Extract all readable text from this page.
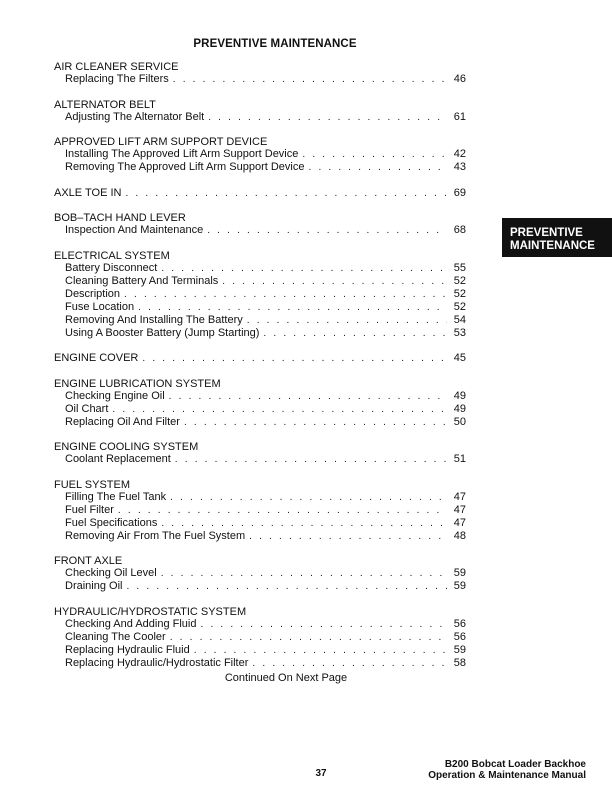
PREVENTIVE MAINTENANCE
AIR CLEANER SERVICE
Replacing The Filters . . .	46
ALTERNATOR BELT
Adjusting The Alternator Belt . . .	61
APPROVED LIFT ARM SUPPORT DEVICE
Installing The Approved Lift Arm Support Device . . .	42
Removing The Approved Lift Arm Support Device . . .	43
AXLE TOE IN . . .	69
BOB–TACH HAND LEVER
Inspection And Maintenance . . .	68
ELECTRICAL SYSTEM
Battery Disconnect . . .	55
Cleaning Battery And Terminals . . .	52
Description . . .	52
Fuse Location . . .	52
Removing And Installing The Battery . . .	54
Using A Booster Battery (Jump Starting) . . .	53
ENGINE COVER . . .	45
ENGINE LUBRICATION SYSTEM
Checking Engine Oil . . .	49
Oil Chart . . .	49
Replacing Oil And Filter . . .	50
ENGINE COOLING SYSTEM
Coolant Replacement . . .	51
FUEL SYSTEM
Filling The Fuel Tank . . .	47
Fuel Filter . . .	47
Fuel Specifications . . .	47
Removing Air From The Fuel System . . .	48
FRONT AXLE
Checking Oil Level . . .	59
Draining Oil . . .	59
HYDRAULIC/HYDROSTATIC SYSTEM
Checking And Adding Fluid . . .	56
Cleaning The Cooler . . .	56
Replacing Hydraulic Fluid . . .	59
Replacing Hydraulic/Hydrostatic Filter . . .	58
PREVENTIVE
MAINTENANCE
Continued On Next Page
37
B200 Bobcat Loader Backhoe
Operation & Maintenance Manual
